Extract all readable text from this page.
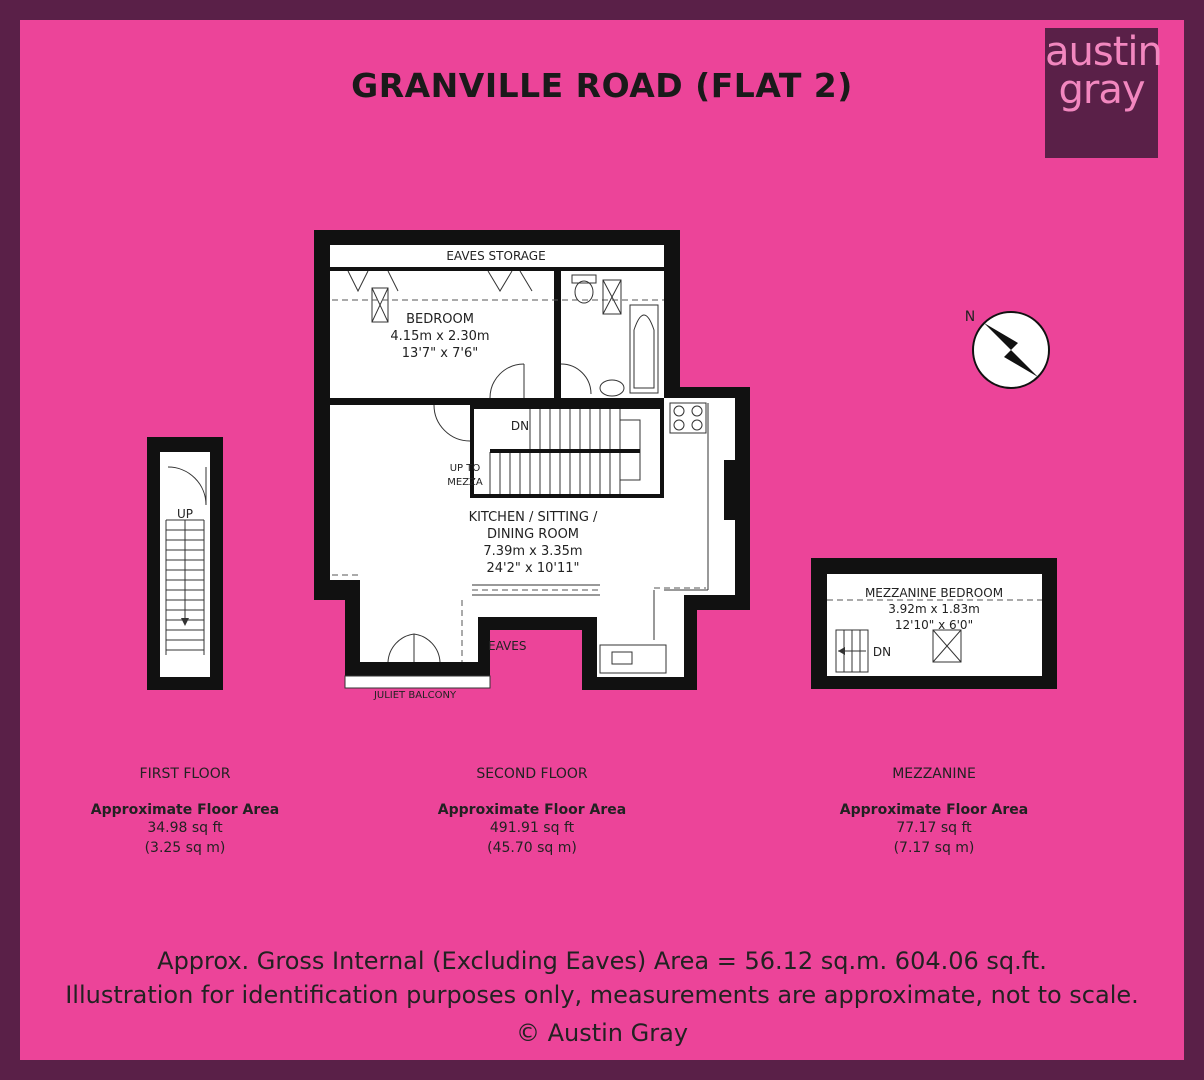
GRANVILLE ROAD (FLAT 2)
austin
gray
EAVES STORAGE
BEDROOM
4.15m x 2.30m
13'7" x 7'6"
DN
UP TO
MEZZA
KITCHEN / SITTING /
DINING ROOM
7.39m x 3.35m
24'2" x 10'11"
EAVES
JULIET BALCONY
UP
MEZZANINE BEDROOM
3.92m x 1.83m
12'10" x 6'0"
DN
N
FIRST FLOOR
Approximate Floor Area
34.98 sq ft
(3.25 sq m)
SECOND FLOOR
Approximate Floor Area
491.91 sq ft
(45.70 sq m)
MEZZANINE
Approximate Floor Area
77.17 sq ft
(7.17 sq m)
Approx. Gross Internal (Excluding Eaves) Area = 56.12 sq.m. 604.06 sq.ft.
Illustration for identification purposes only, measurements are approximate, not to scale.
© Austin Gray
